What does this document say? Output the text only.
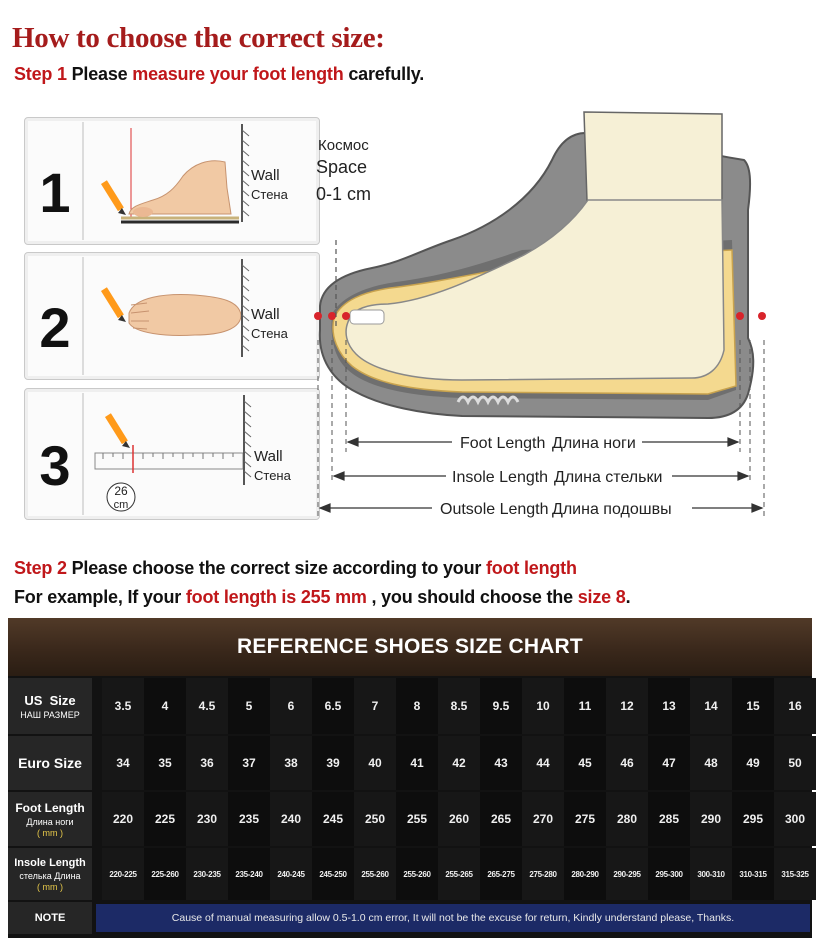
How to choose the correct size:
Step 1 Please measure your foot length carefully.
1	Wall
Стена
2	Wall
Стена
3	26
cm
Wall
Стена
Космос
Space
0-1 cm
Foot Length Длина ноги
Insole Length Длина стельки
Outsole Length Длина подошвы
Step 2 Please choose the correct size according to your foot length
For example, If your foot length is 255 mm , you should choose the size 8.
REFERENCE SHOES SIZE CHART
US  Size
НАШ РАЗМЕР
3.5	4	4.5	5	6	6.5	7	8	8.5	9.5	10	11	12	13	14	15	16
Euro Size	34	35	36	37	38	39	40	41	42	43	44	45	46	47	48	49	50
Foot Length
Длина ноги
( mm )
220	225	230	235	240	245	250	255	260	265	270	275	280	285	290	295	300
Insole Length
стелька Длина
( mm )
220-225	225-260	230-235	235-240	240-245	245-250	255-260	255-260	255-265	265-275	275-280	280-290	290-295	295-300	300-310	310-315	315-325
NOTE	Cause of manual measuring allow 0.5-1.0 cm error, It will not be the excuse for return, Kindly understand please, Thanks.
